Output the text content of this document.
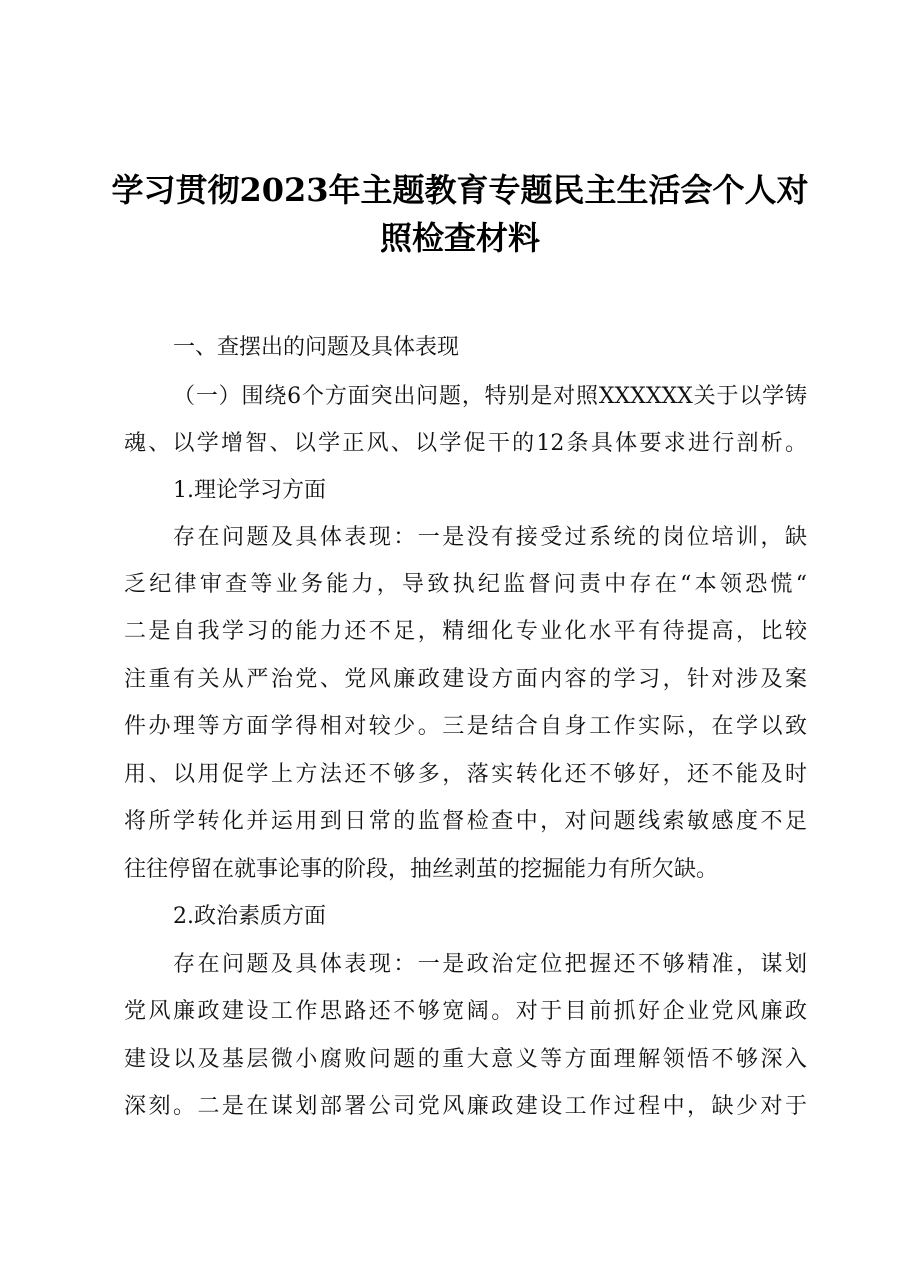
学习贯彻2023年主题教育专题民主生活会个人对
照检查材料
一、查摆出的问题及具体表现
（一）围绕6个方面突出问题，特别是对照XXXXXX关于以学铸
魂、以学增智、以学正风、以学促干的12条具体要求进行剖析。
1.理论学习方面
存在问题及具体表现：一是没有接受过系统的岗位培训，缺
乏纪律审查等业务能力，导致执纪监督问责中存在“本领恐慌“
二是自我学习的能力还不足，精细化专业化水平有待提高，比较
注重有关从严治党、党风廉政建设方面内容的学习，针对涉及案
件办理等方面学得相对较少。三是结合自身工作实际，在学以致
用、以用促学上方法还不够多，落实转化还不够好，还不能及时
将所学转化并运用到日常的监督检查中，对问题线索敏感度不足
往往停留在就事论事的阶段，抽丝剥茧的挖掘能力有所欠缺。
2.政治素质方面
存在问题及具体表现：一是政治定位把握还不够精准，谋划
党风廉政建设工作思路还不够宽阔。对于目前抓好企业党风廉政
建设以及基层微小腐败问题的重大意义等方面理解领悟不够深入
深刻。二是在谋划部署公司党风廉政建设工作过程中，缺少对于
